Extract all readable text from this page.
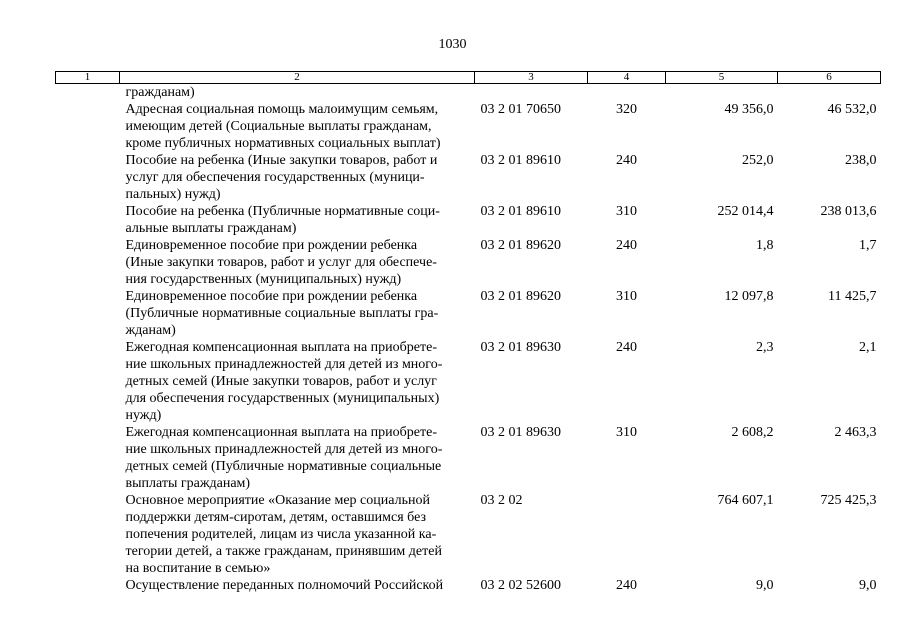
1030
1	2	3	4	5	6

	гражданам)				

	Адресная социальная помощь малоимущим семьям,
имеющим детей (Социальные выплаты гражданам,
кроме публичных нормативных социальных выплат)	03 2 01 70650	320	49 356,0	46 532,0

	Пособие на ребенка (Иные закупки товаров, работ и
услуг для обеспечения государственных (муници-
пальных) нужд)	03 2 01 89610	240	252,0	238,0

	Пособие на ребенка (Публичные нормативные соци-
альные выплаты гражданам)	03 2 01 89610	310	252 014,4	238 013,6

	Единовременное пособие при рождении ребенка
(Иные закупки товаров, работ и услуг для обеспече-
ния государственных (муниципальных) нужд)	03 2 01 89620	240	1,8	1,7

	Единовременное пособие при рождении ребенка
(Публичные нормативные социальные выплаты гра-
жданам)	03 2 01 89620	310	12 097,8	11 425,7

	Ежегодная компенсационная выплата на приобрете-
ние школьных принадлежностей для детей из много-
детных семей (Иные закупки товаров, работ и услуг
для обеспечения государственных (муниципальных)
нужд)	03 2 01 89630	240	2,3	2,1

	Ежегодная компенсационная выплата на приобрете-
ние школьных принадлежностей для детей из много-
детных семей (Публичные нормативные социальные
выплаты гражданам)	03 2 01 89630	310	2 608,2	2 463,3

	Основное мероприятие «Оказание мер социальной
поддержки детям-сиротам, детям, оставшимся без
попечения родителей, лицам из числа указанной ка-
тегории детей, а также гражданам, принявшим детей
на воспитание в семью»	03 2 02		764 607,1	725 425,3

	Осуществление переданных полномочий Российской	03 2 02 52600	240	9,0	9,0
